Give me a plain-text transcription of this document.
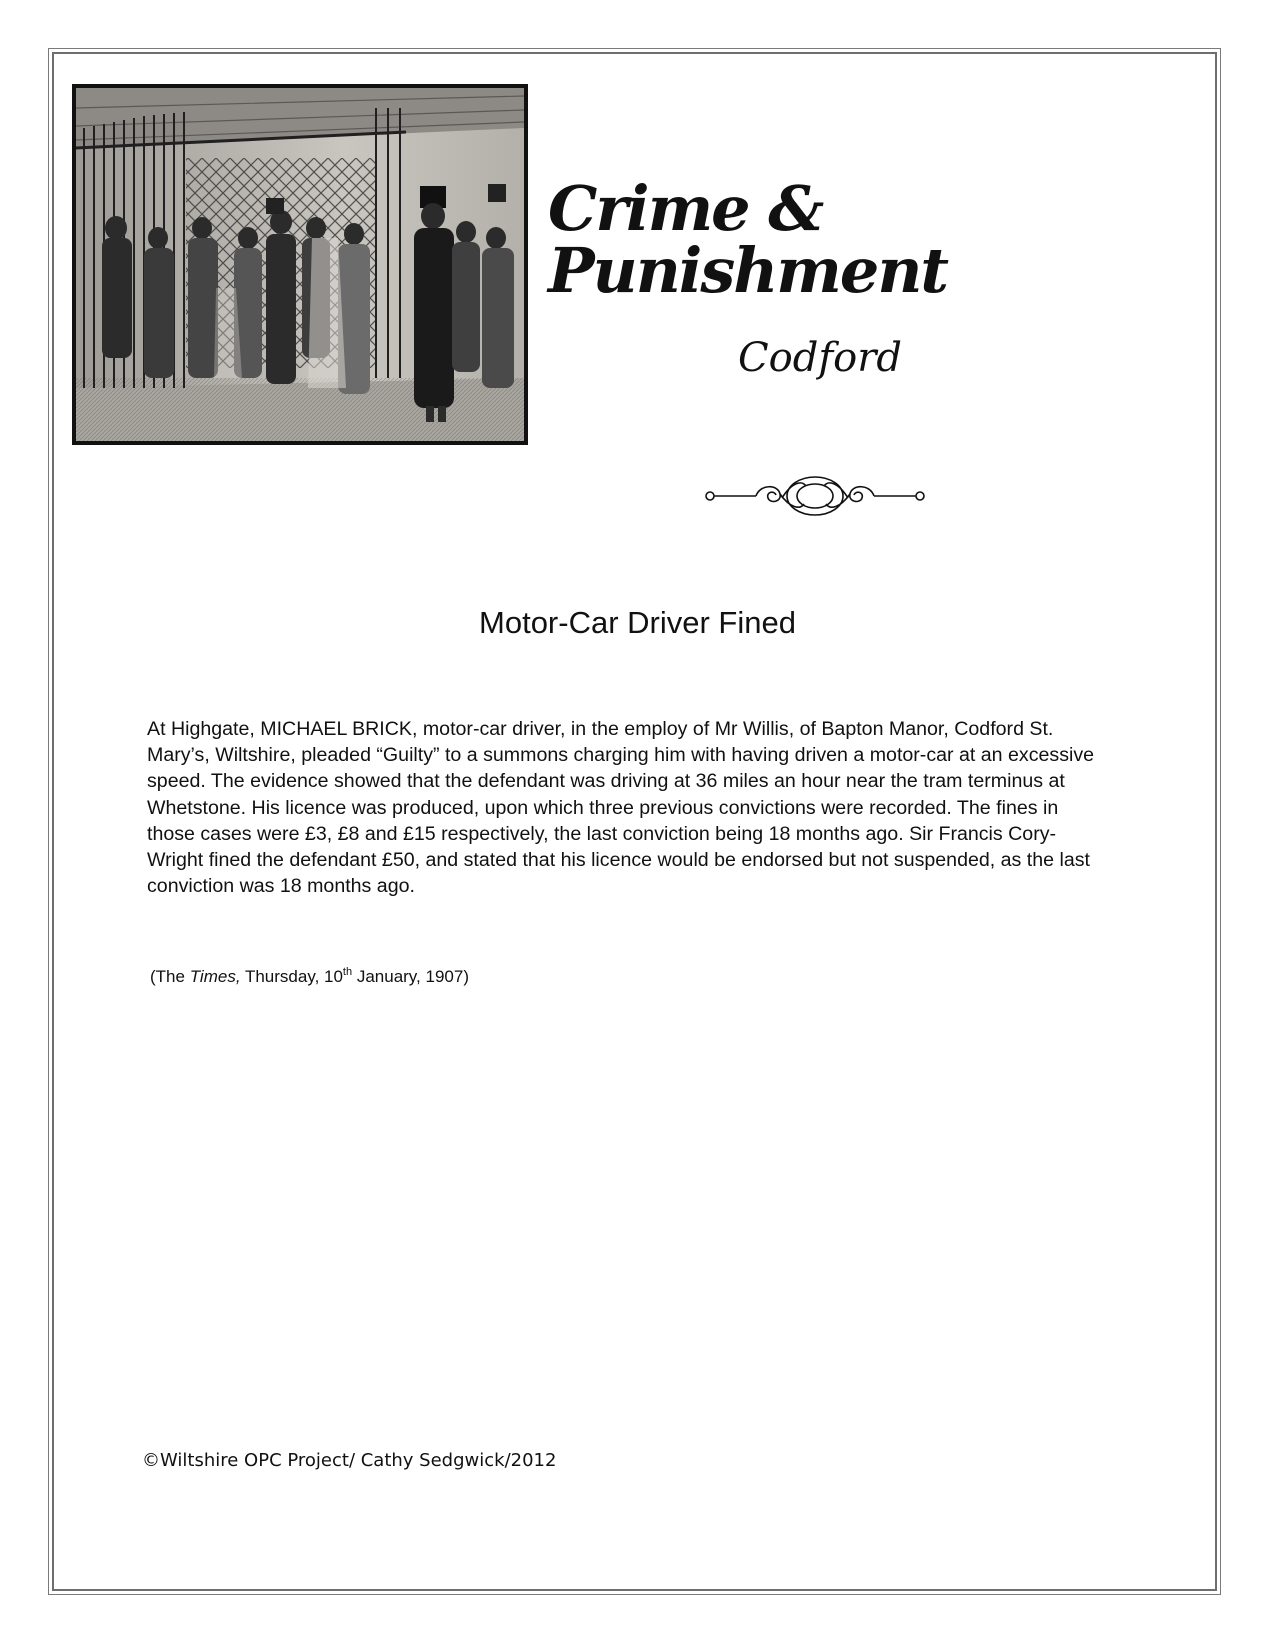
Crime & Punishment
Codford
Motor-Car Driver Fined
At Highgate, MICHAEL BRICK, motor-car driver, in the employ of Mr Willis, of Bapton Manor, Codford St. Mary’s, Wiltshire, pleaded “Guilty” to a summons charging him with having driven a motor-car at an excessive speed. The evidence showed that the defendant was driving at 36 miles an hour near the tram terminus at Whetstone. His licence was produced, upon which three previous convictions were recorded. The fines in those cases were £3, £8 and £15 respectively, the last conviction being 18 months ago. Sir Francis Cory-Wright fined the defendant £50, and stated that his licence would be endorsed but not suspended, as the last conviction was 18 months ago.
(The Times, Thursday, 10th January, 1907)
©Wiltshire OPC Project/ Cathy Sedgwick/2012
